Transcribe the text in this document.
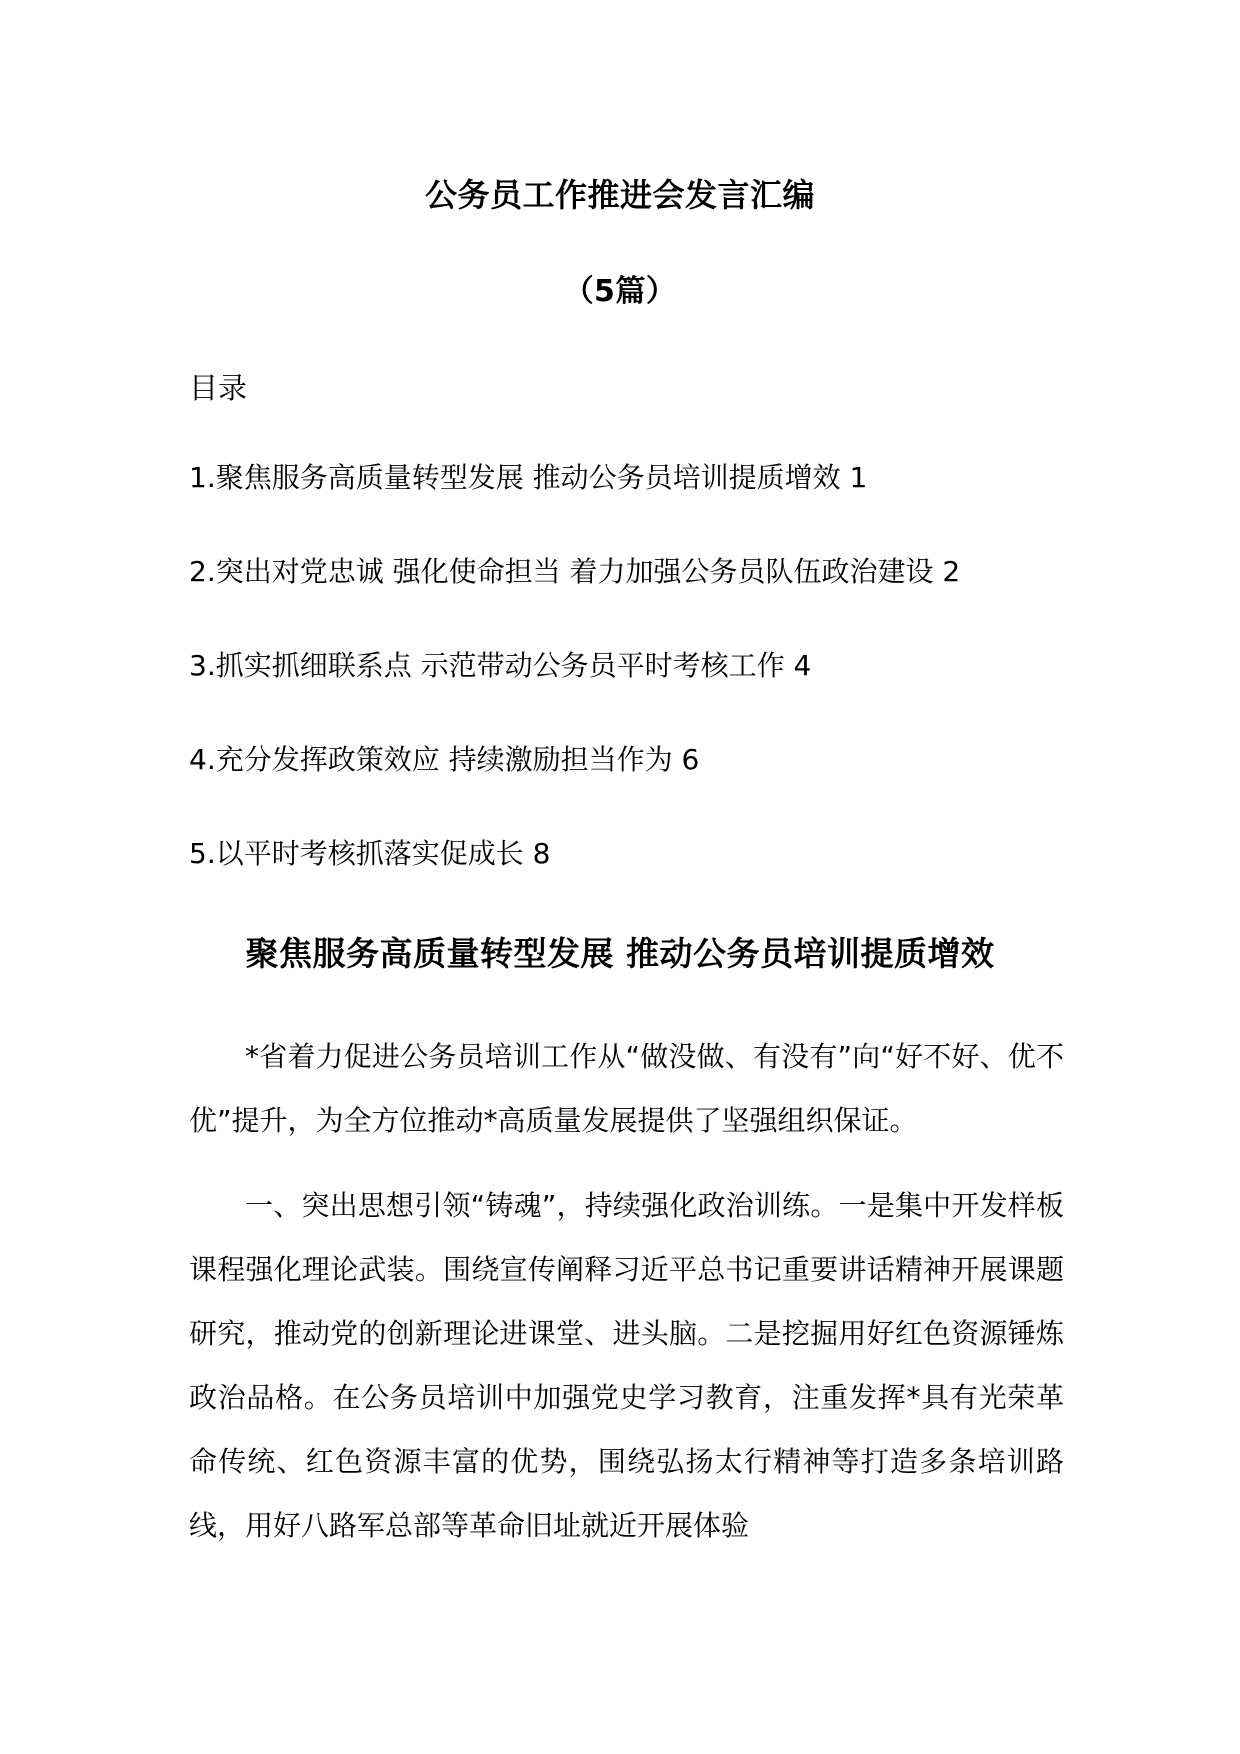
公务员工作推进会发言汇编
（5篇）
目录
1.聚焦服务高质量转型发展 推动公务员培训提质增效 1
2.突出对党忠诚 强化使命担当 着力加强公务员队伍政治建设 2
3.抓实抓细联系点 示范带动公务员平时考核工作 4
4.充分发挥政策效应 持续激励担当作为 6
5.以平时考核抓落实促成长 8
聚焦服务高质量转型发展 推动公务员培训提质增效

*省着力促进公务员培训工作从“做没做、有没有”向“好不好、优不优”提升，为全方位推动*高质量发展提供了坚强组织保证。

一、突出思想引领“铸魂”，持续强化政治训练。一是集中开发样板课程强化理论武装。围绕宣传阐释习近平总书记重要讲话精神开展课题研究，推动党的创新理论进课堂、进头脑。二是挖掘用好红色资源锤炼政治品格。在公务员培训中加强党史学习教育，注重发挥*具有光荣革命传统、红色资源丰富的优势，围绕弘扬太行精神等打造多条培训路线，用好八路军总部等革命旧址就近开展体验
